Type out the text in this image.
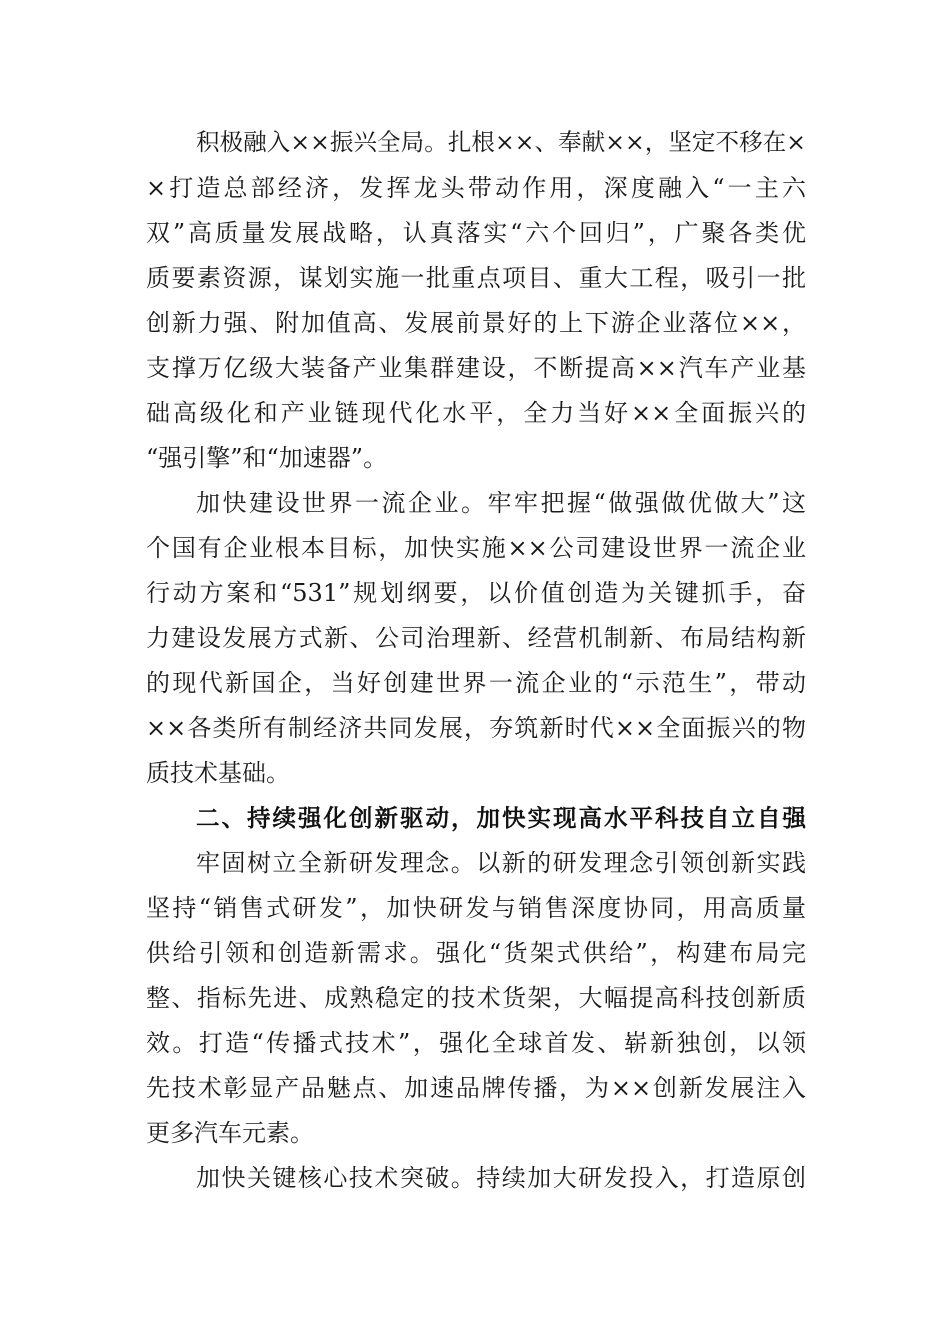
积极融入××振兴全局。扎根××、奉献××，坚定不移在×
×打造总部经济，发挥龙头带动作用，深度融入“一主六
双”高质量发展战略，认真落实“六个回归”，广聚各类优
质要素资源，谋划实施一批重点项目、重大工程，吸引一批
创新力强、附加值高、发展前景好的上下游企业落位××，
支撑万亿级大装备产业集群建设，不断提高××汽车产业基
础高级化和产业链现代化水平，全力当好××全面振兴的
“强引擎”和“加速器”。
加快建设世界一流企业。牢牢把握“做强做优做大”这
个国有企业根本目标，加快实施××公司建设世界一流企业
行动方案和“531”规划纲要，以价值创造为关键抓手，奋
力建设发展方式新、公司治理新、经营机制新、布局结构新
的现代新国企，当好创建世界一流企业的“示范生”，带动
××各类所有制经济共同发展，夯筑新时代××全面振兴的物
质技术基础。
二、持续强化创新驱动，加快实现高水平科技自立自强
牢固树立全新研发理念。以新的研发理念引领创新实践
坚持“销售式研发”，加快研发与销售深度协同，用高质量
供给引领和创造新需求。强化“货架式供给”，构建布局完
整、指标先进、成熟稳定的技术货架，大幅提高科技创新质
效。打造“传播式技术”，强化全球首发、崭新独创，以领
先技术彰显产品魅点、加速品牌传播，为××创新发展注入
更多汽车元素。
加快关键核心技术突破。持续加大研发投入，打造原创
